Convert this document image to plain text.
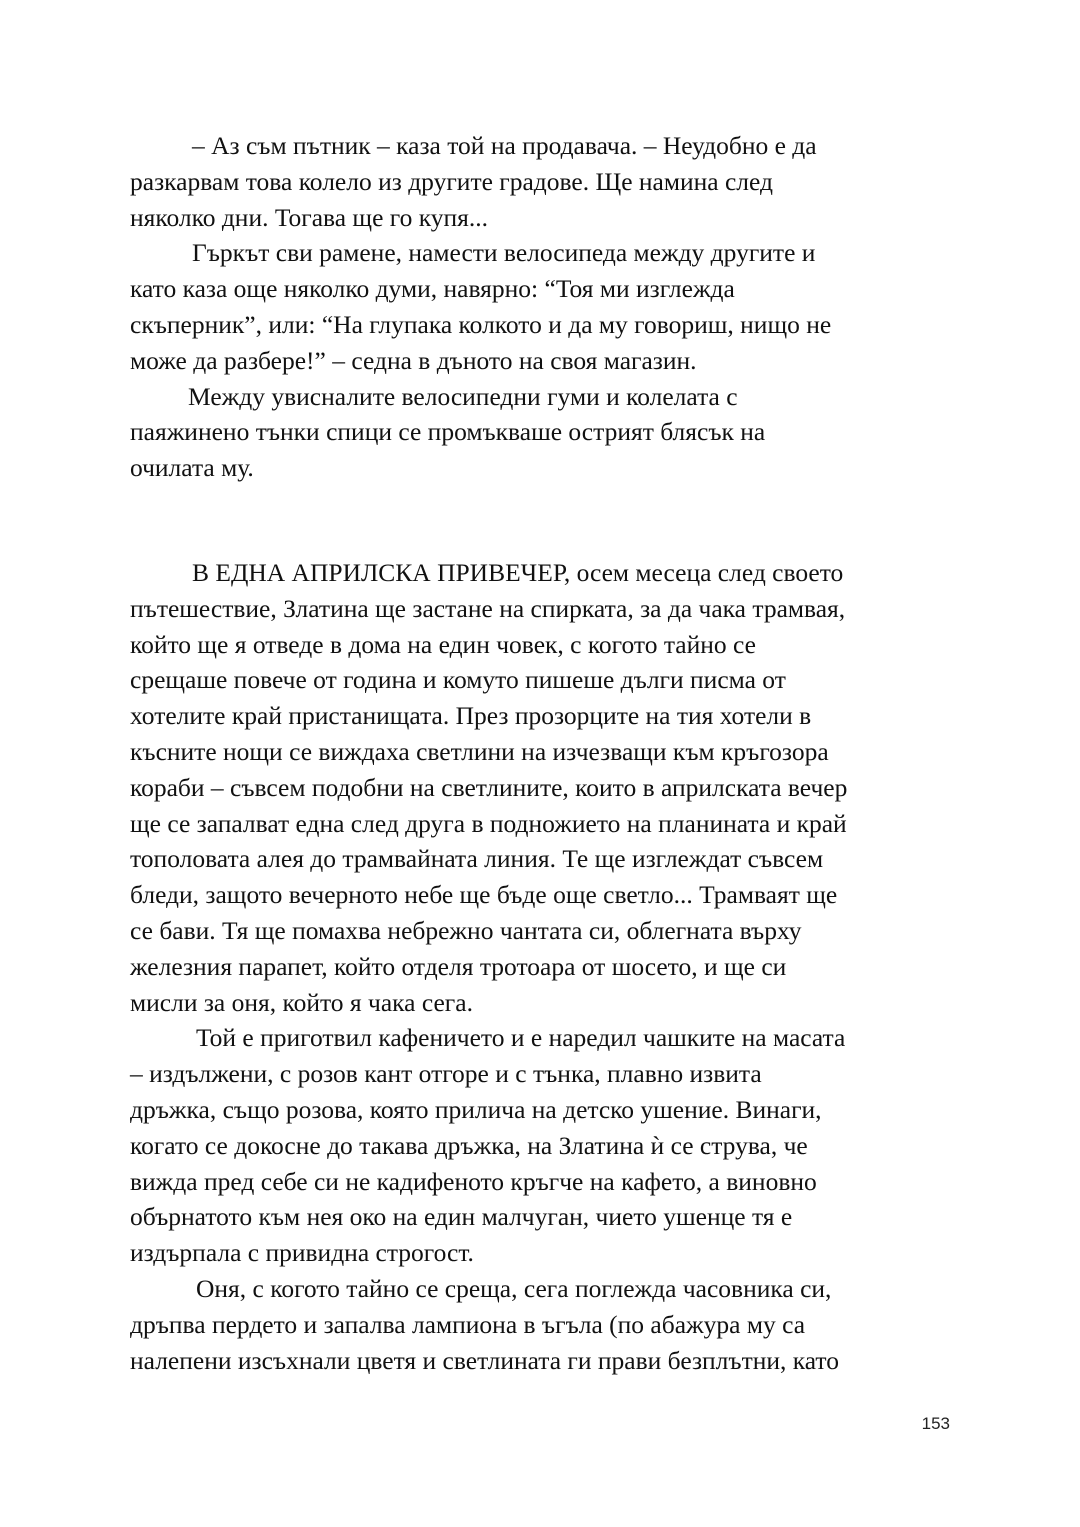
– Аз съм пътник – каза той на продавача. – Неудобно е да
разкарвам това колело из другите градове. Ще намина след
няколко дни. Тогава ще го купя...
Гъркът сви рамене, намести велосипеда между другите и
като каза още няколко думи, навярно: “Тоя ми изглежда
скъперник”, или: “На глупака колкото и да му говориш, нищо не
може да разбере!” – седна в дъното на своя магазин.
Между увисналите велосипедни гуми и колелата с
паяжинено тънки спици се промъкваше острият блясък на
очилата му.
В ЕДНА АПРИЛСКА ПРИВЕЧЕР, осем месеца след своето
пътешествие, Златина ще застане на спирката, за да чака трамвая,
който ще я отведе в дома на един човек, с когото тайно се
срещаше повече от година и комуто пишеше дълги писма от
хотелите край пристанищата. През прозорците на тия хотели в
късните нощи се виждаха светлини на изчезващи към кръгозора
кораби – съвсем подобни на светлините, които в априлската вечер
ще се запалват една след друга в подножието на планината и край
тополовата алея до трамвайната линия. Те ще изглеждат съвсем
бледи, защото вечерното небе ще бъде още светло... Трамваят ще
се бави. Тя ще помахва небрежно чантата си, облегната върху
железния парапет, който отделя тротоара от шосето, и ще си
мисли за оня, който я чака сега.
Той е приготвил кафеничето и е наредил чашките на масата
– издължени, с розов кант отгоре и с тънка, плавно извита
дръжка, също розова, която прилича на детско ушение. Винаги,
когато се докосне до такава дръжка, на Златина ѝ се струва, че
вижда пред себе си не кадифеното кръгче на кафето, а виновно
обърнатото към нея око на един малчуган, чието ушенце тя е
издърпала с привидна строгост.
Оня, с когото тайно се среща, сега поглежда часовника си,
дръпва пердето и запалва лампиона в ъгъла (по абажура му са
налепени изсъхнали цветя и светлината ги прави безплътни, като
153
